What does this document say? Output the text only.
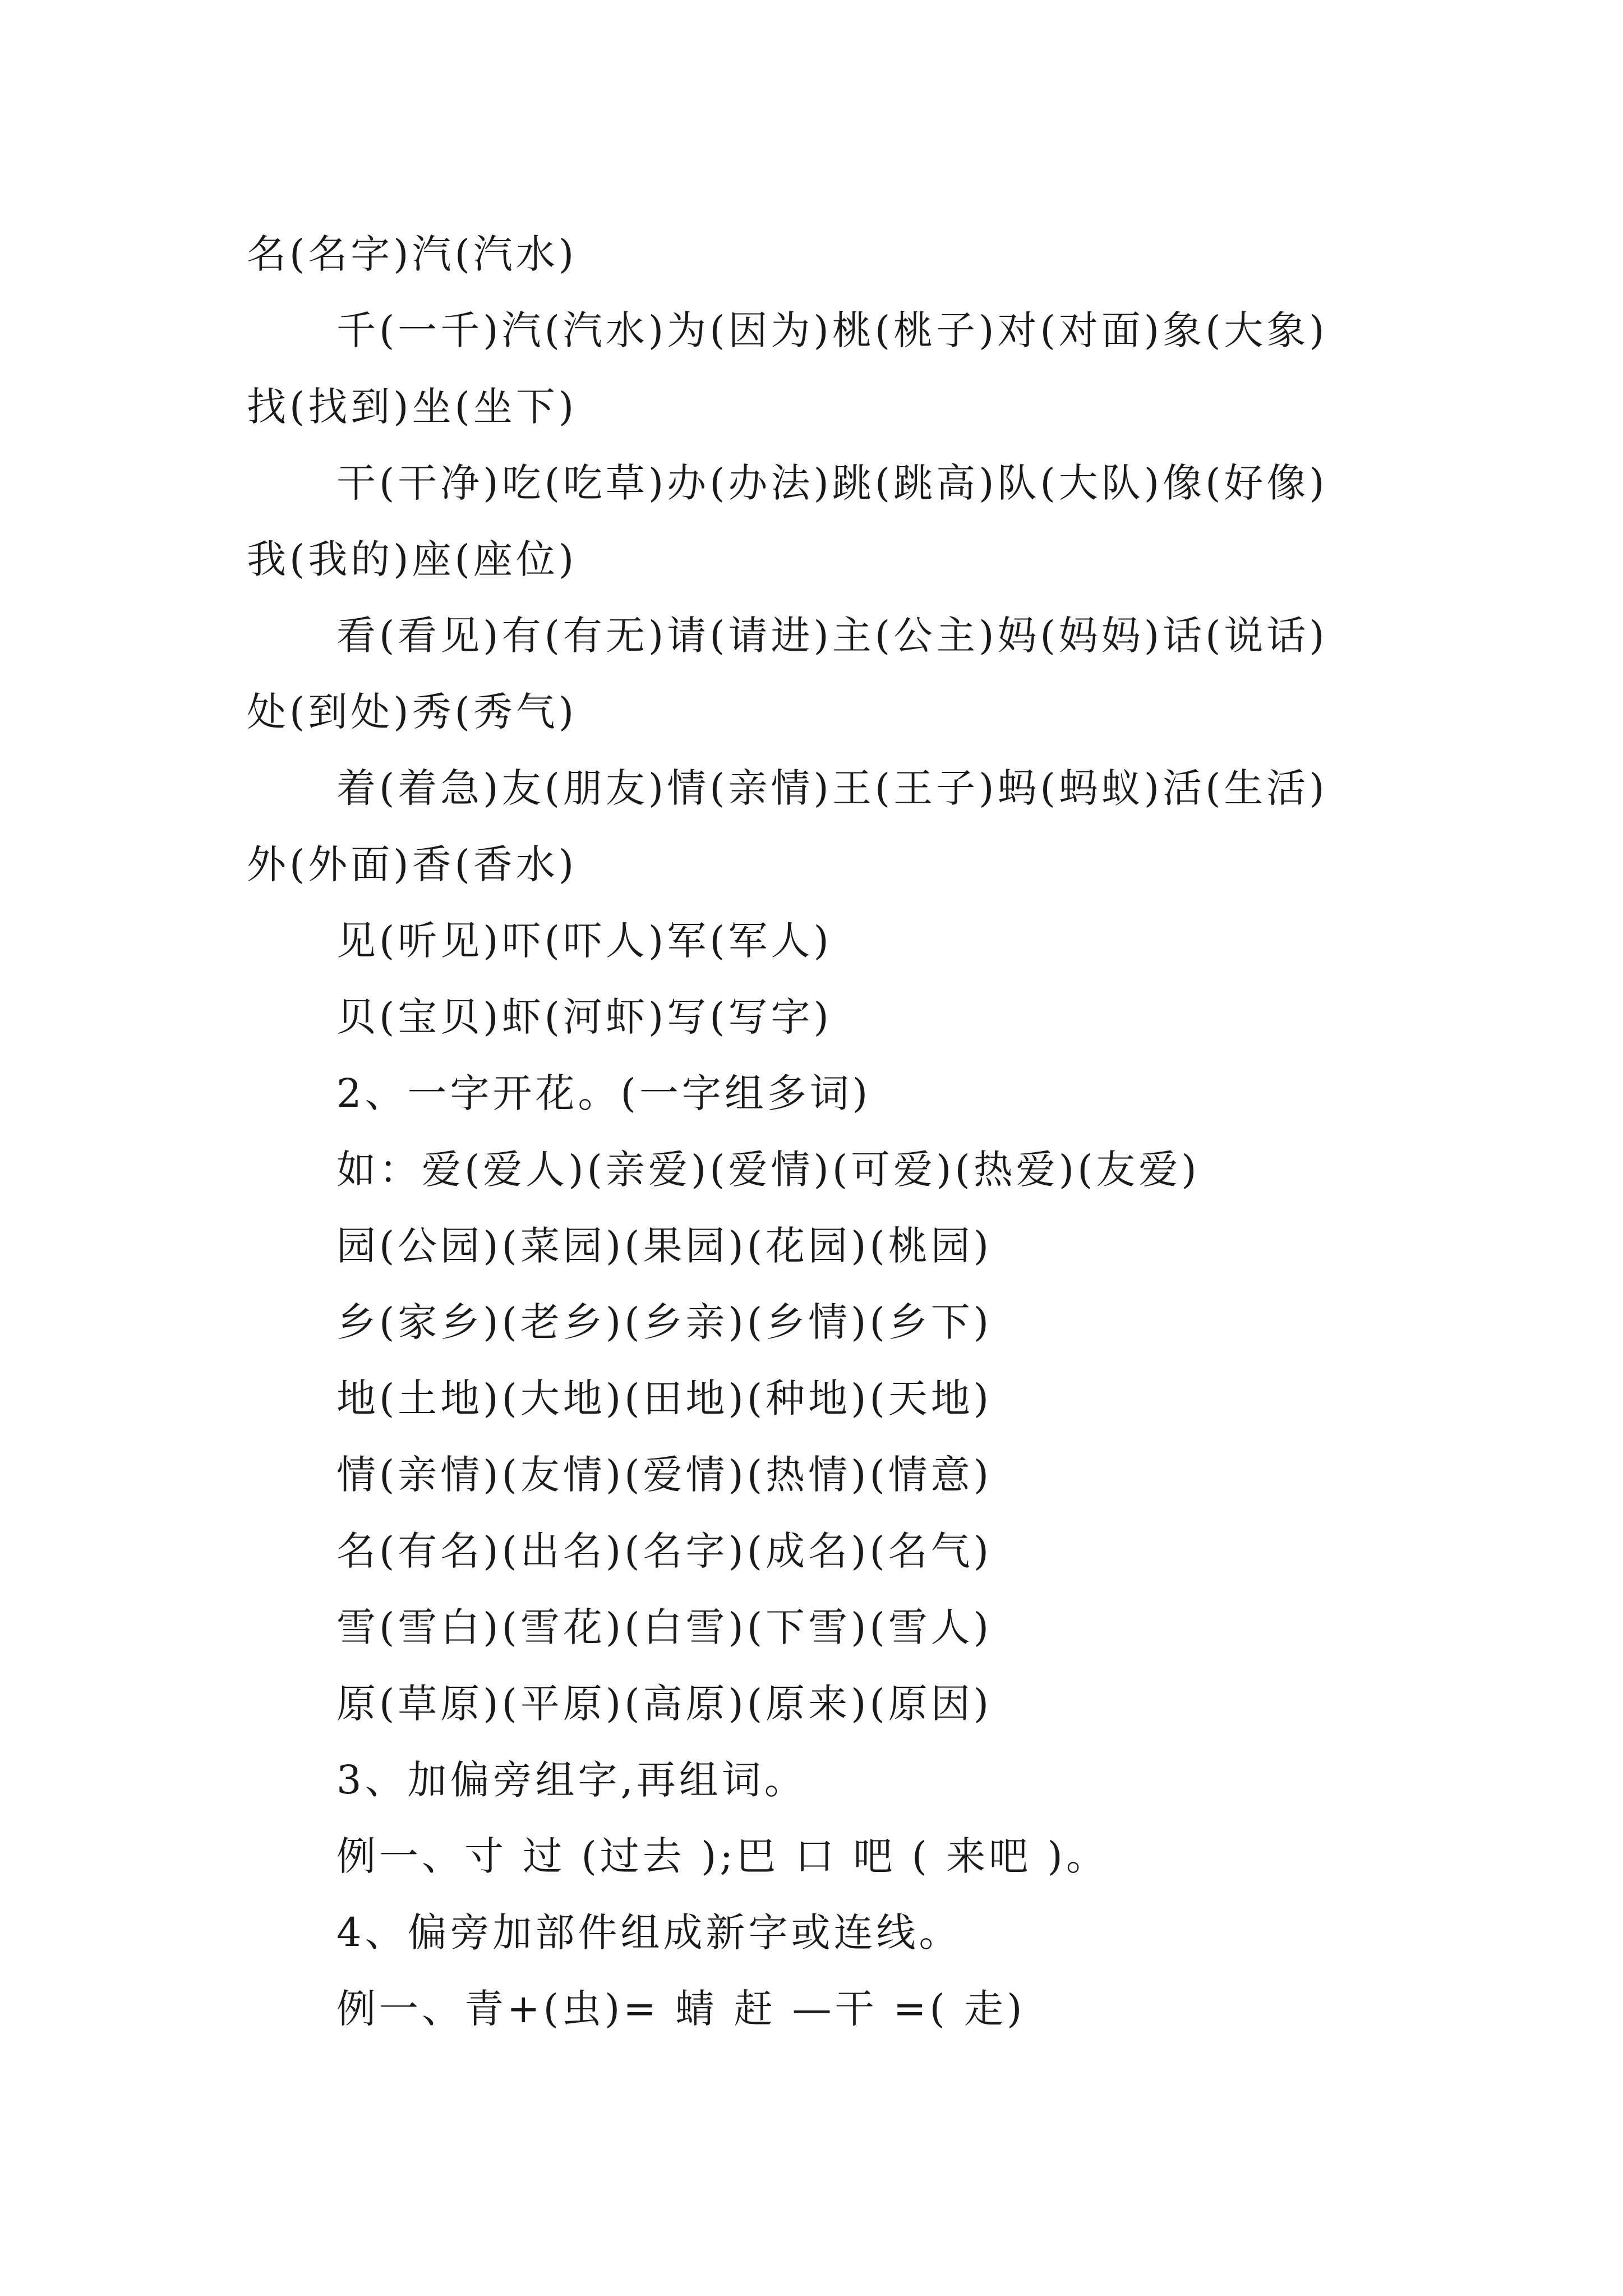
名(名字)汽(汽水)

千(一千)汽(汽水)为(因为)桃(桃子)对(对面)象(大象)

找(找到)坐(坐下)

干(干净)吃(吃草)办(办法)跳(跳高)队(大队)像(好像)

我(我的)座(座位)

看(看见)有(有无)请(请进)主(公主)妈(妈妈)话(说话)

处(到处)秀(秀气)

着(着急)友(朋友)情(亲情)王(王子)蚂(蚂蚁)活(生活)

外(外面)香(香水)

见(听见)吓(吓人)军(军人)

贝(宝贝)虾(河虾)写(写字)

2、一字开花。(一字组多词)

如：爱(爱人)(亲爱)(爱情)(可爱)(热爱)(友爱)

园(公园)(菜园)(果园)(花园)(桃园)

乡(家乡)(老乡)(乡亲)(乡情)(乡下)

地(土地)(大地)(田地)(种地)(天地)

情(亲情)(友情)(爱情)(热情)(情意)

名(有名)(出名)(名字)(成名)(名气)

雪(雪白)(雪花)(白雪)(下雪)(雪人)

原(草原)(平原)(高原)(原来)(原因)

3、加偏旁组字,再组词。

例一、寸 过 (过去 );巴 口 吧 ( 来吧 )。

4、偏旁加部件组成新字或连线。

例一、青+(虫)= 蜻 赶 —干 =( 走)
